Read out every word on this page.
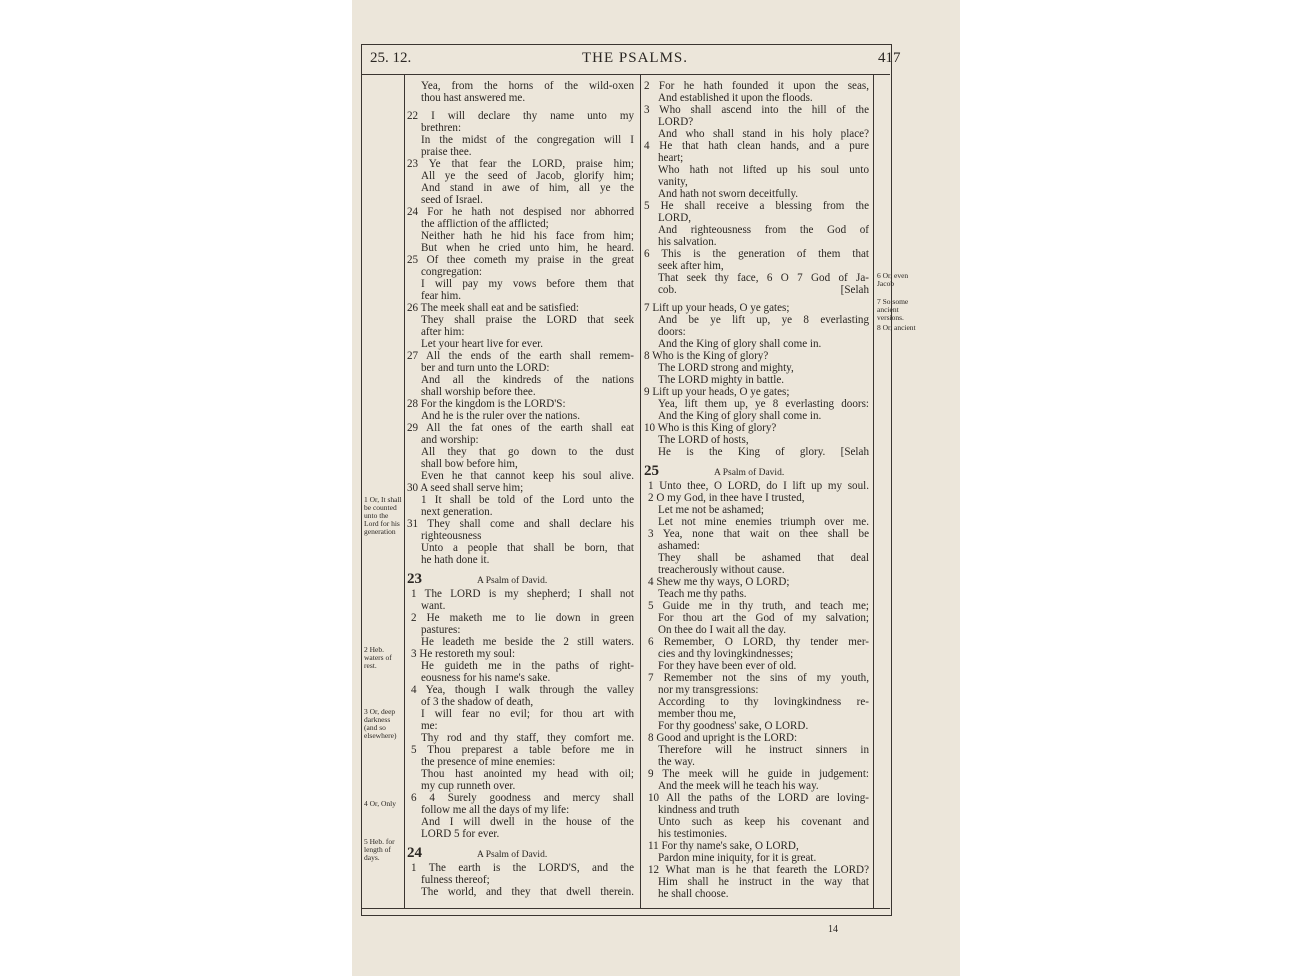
25. 12.	THE PSALMS.	417
Yea, from the horns of the wild-oxen
thou hast answered me.
22 I will declare thy name unto my
brethren:
In the midst of the congregation will I
praise thee.
23 Ye that fear the LORD, praise him;
All ye the seed of Jacob, glorify him;
And stand in awe of him, all ye the
seed of Israel.
24 For he hath not despised nor abhorred
the affliction of the afflicted;
Neither hath he hid his face from him;
But when he cried unto him, he heard.
25 Of thee cometh my praise in the great
congregation:
I will pay my vows before them that
fear him.
26 The meek shall eat and be satisfied:
They shall praise the LORD that seek
after him:
Let your heart live for ever.
27 All the ends of the earth shall remem-
ber and turn unto the LORD:
And all the kindreds of the nations
shall worship before thee.
28 For the kingdom is the LORD'S:
And he is the ruler over the nations.
29 All the fat ones of the earth shall eat
and worship:
All they that go down to the dust
shall bow before him,
Even he that cannot keep his soul alive.
30 A seed shall serve him;
1 It shall be told of the Lord unto the
next generation.
31 They shall come and shall declare his
righteousness
Unto a people that shall be born, that
he hath done it.
23	A Psalm of David.
1 The LORD is my shepherd; I shall not
want.
2 He maketh me to lie down in green
pastures:
He leadeth me beside the 2 still waters.
3 He restoreth my soul:
He guideth me in the paths of right-
eousness for his name's sake.
4 Yea, though I walk through the valley
of 3 the shadow of death,
I will fear no evil; for thou art with
me:
Thy rod and thy staff, they comfort me.
5 Thou preparest a table before me in
the presence of mine enemies:
Thou hast anointed my head with oil;
my cup runneth over.
6 4 Surely goodness and mercy shall
follow me all the days of my life:
And I will dwell in the house of the
LORD 5 for ever.
24	A Psalm of David.
1 The earth is the LORD'S, and the
fulness thereof;
The world, and they that dwell therein.
2 For he hath founded it upon the seas,
And established it upon the floods.
3 Who shall ascend into the hill of the
LORD?
And who shall stand in his holy place?
4 He that hath clean hands, and a pure
heart;
Who hath not lifted up his soul unto
vanity,
And hath not sworn deceitfully.
5 He shall receive a blessing from the
LORD,
And righteousness from the God of
his salvation.
6 This is the generation of them that
seek after him,
That seek thy face, 6 O 7 God of Ja-
cob. [Selah
7 Lift up your heads, O ye gates;
And be ye lift up, ye 8 everlasting
doors:
And the King of glory shall come in.
8 Who is the King of glory?
The LORD strong and mighty,
The LORD mighty in battle.
9 Lift up your heads, O ye gates;
Yea, lift them up, ye 8 everlasting doors:
And the King of glory shall come in.
10 Who is this King of glory?
The LORD of hosts,
He is the King of glory. [Selah
25	A Psalm of David.
1 Unto thee, O LORD, do I lift up my soul.
2 O my God, in thee have I trusted,
Let me not be ashamed;
Let not mine enemies triumph over me.
3 Yea, none that wait on thee shall be
ashamed:
They shall be ashamed that deal
treacherously without cause.
4 Shew me thy ways, O LORD;
Teach me thy paths.
5 Guide me in thy truth, and teach me;
For thou art the God of my salvation;
On thee do I wait all the day.
6 Remember, O LORD, thy tender mer-
cies and thy lovingkindnesses;
For they have been ever of old.
7 Remember not the sins of my youth,
nor my transgressions:
According to thy lovingkindness re-
member thou me,
For thy goodness' sake, O LORD.
8 Good and upright is the LORD:
Therefore will he instruct sinners in
the way.
9 The meek will he guide in judgement:
And the meek will he teach his way.
10 All the paths of the LORD are loving-
kindness and truth
Unto such as keep his covenant and
his testimonies.
11 For thy name's sake, O LORD,
Pardon mine iniquity, for it is great.
12 What man is he that feareth the LORD?
Him shall he instruct in the way that
he shall choose.
1 Or, It shall be counted unto the Lord for his generation
2 Heb. waters of rest.
3 Or, deep darkness (and so elsewhere)
4 Or, Only
5 Heb. for length of days.
6 Or, even Jacob
7 So some ancient versions.
8 Or, ancient
14
